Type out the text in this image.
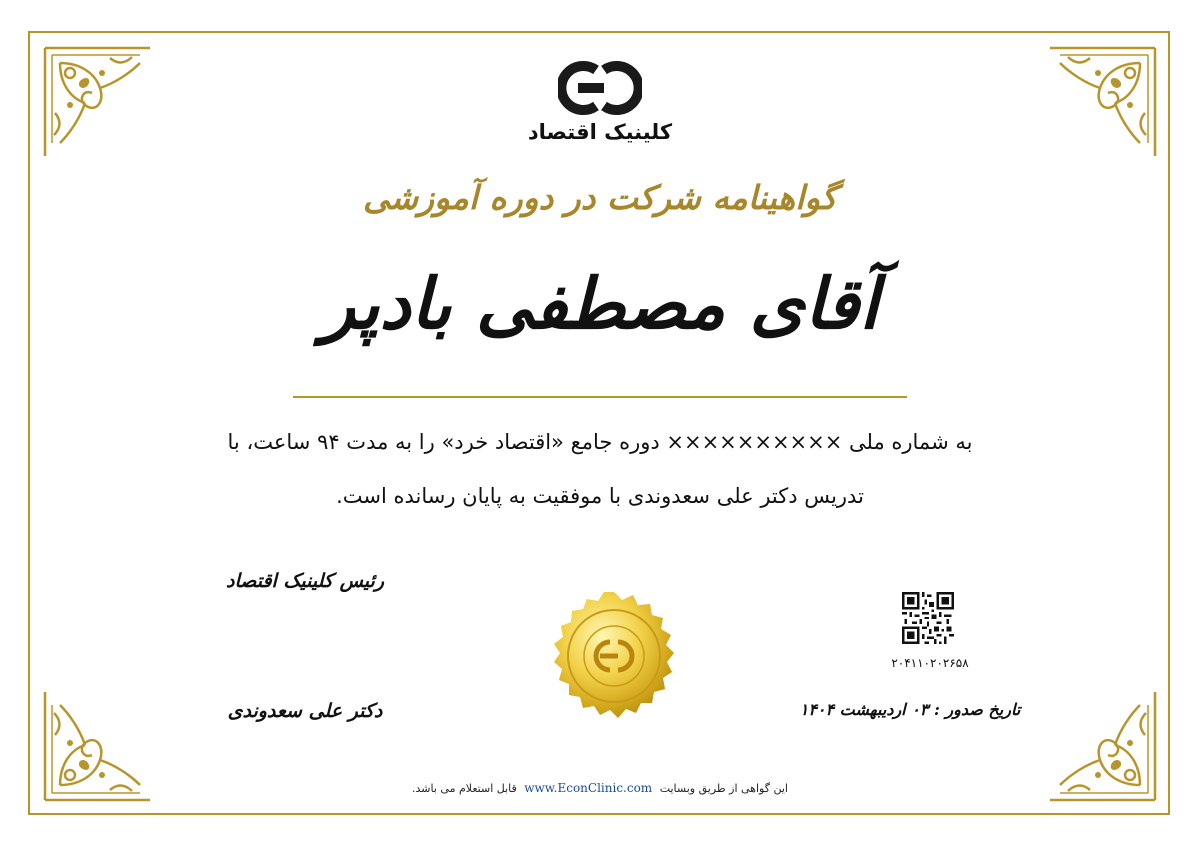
کلینیک اقتصاد
گواهینامه شرکت در دوره آموزشی
آقای مصطفی بادپر
به شماره ملی ×××××××××× دوره جامع «اقتصاد خرد» را به مدت ۹۴ ساعت، با
تدریس دکتر علی سعدوندی با موفقیت به پایان رسانده است.
رئیس کلینیک اقتصاد
دکتر علی سعدوندی
۲۰۴۱۱۰۲۰۲۶۵۸
تاریخ صدور : ۰۳ اردیبهشت ۱۴۰۴
این گواهی از طریق وبسایت www.EconClinic.com قابل استعلام می باشد.
